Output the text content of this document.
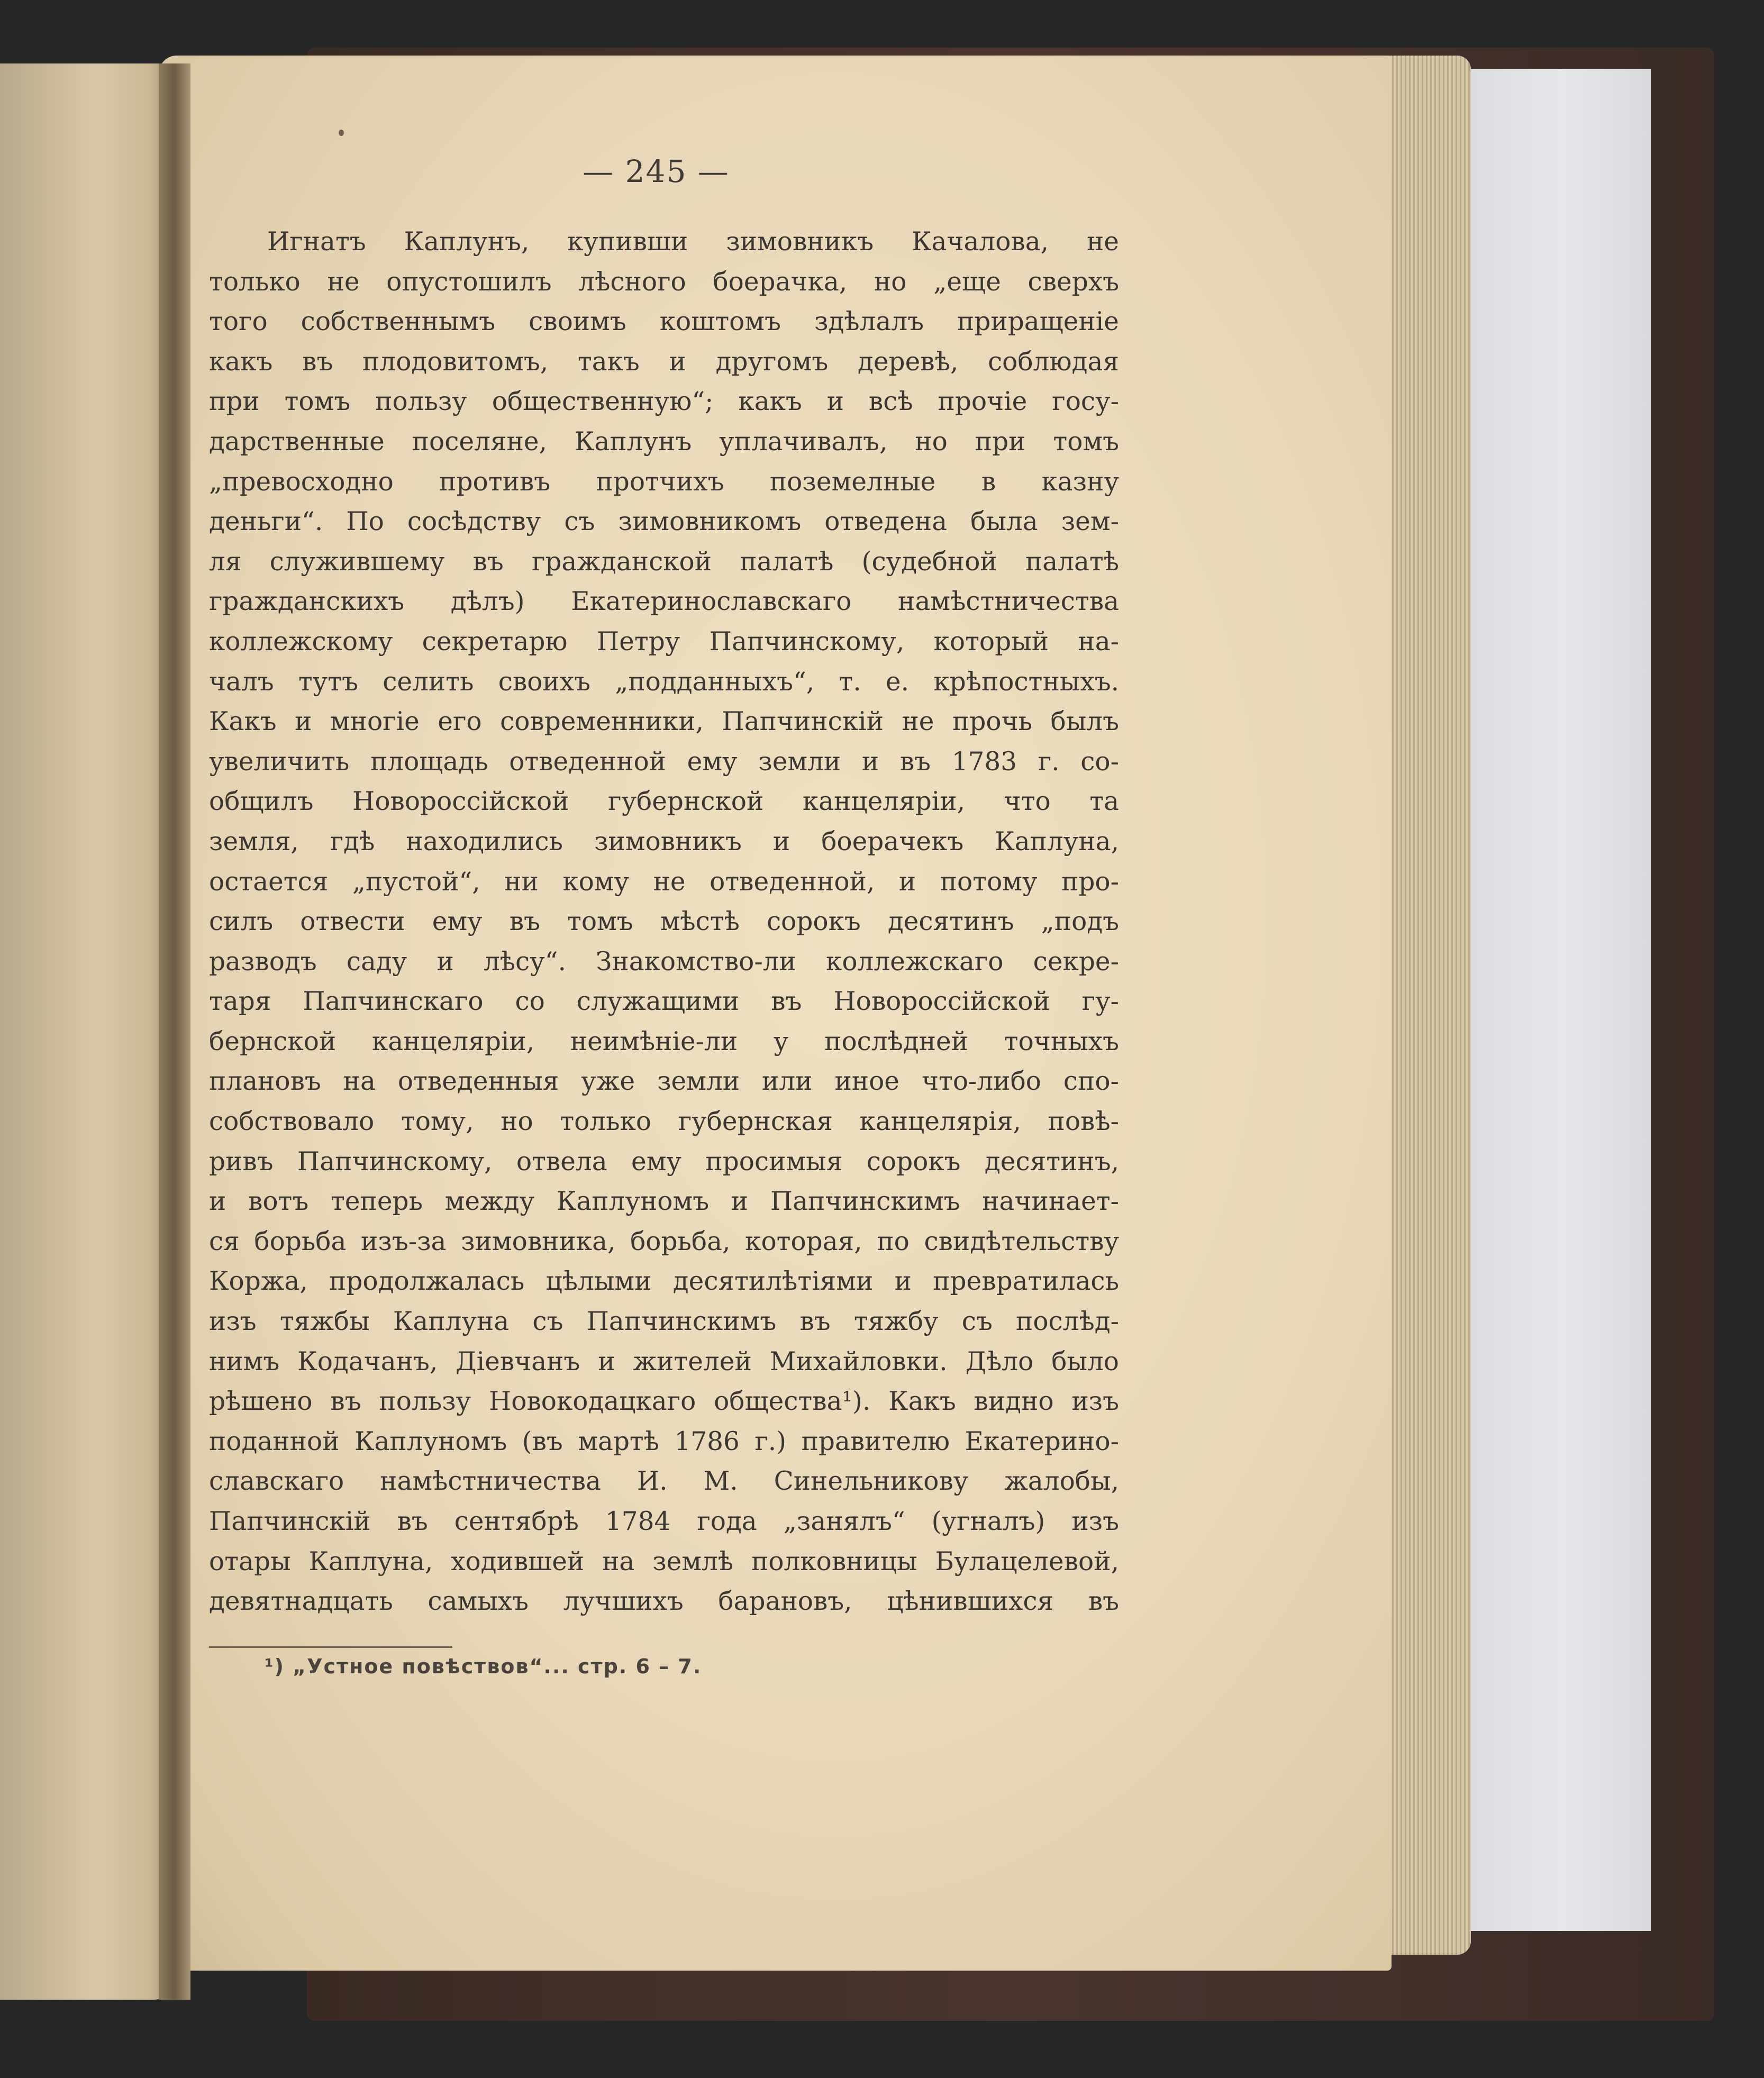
— 245 —
Игнатъ Каплунъ, купивши зимовникъ Качалова, не
только не опустошилъ лѣсного боерачка, но „еще сверхъ
того собственнымъ своимъ коштомъ здѣлалъ приращеніе
какъ въ плодовитомъ, такъ и другомъ деревѣ, соблюдая
при томъ пользу общественную“; какъ и всѣ прочіе госу-
дарственные поселяне, Каплунъ уплачивалъ, но при томъ
„превосходно противъ протчихъ поземелные в казну
деньги“. По сосѣдству съ зимовникомъ отведена была зем-
ля служившему въ гражданской палатѣ (судебной палатѣ
гражданскихъ дѣлъ) Екатеринославскаго намѣстничества
коллежскому секретарю Петру Папчинскому, который на-
чалъ тутъ селить своихъ „подданныхъ“, т. е. крѣпостныхъ.
Какъ и многіе его современники, Папчинскій не прочь былъ
увеличить площадь отведенной ему земли и въ 1783 г. со-
общилъ Новороссійской губернской канцеляріи, что та
земля, гдѣ находились зимовникъ и боерачекъ Каплуна,
остается „пустой“, ни кому не отведенной, и потому про-
силъ отвести ему въ томъ мѣстѣ сорокъ десятинъ „подъ
разводъ саду и лѣсу“. Знакомство-ли коллежскаго секре-
таря Папчинскаго со служащими въ Новороссійской гу-
бернской канцеляріи, неимѣніе-ли у послѣдней точныхъ
плановъ на отведенныя уже земли или иное что-либо спо-
собствовало тому, но только губернская канцелярія, повѣ-
ривъ Папчинскому, отвела ему просимыя сорокъ десятинъ,
и вотъ теперь между Каплуномъ и Папчинскимъ начинает-
ся борьба изъ-за зимовника, борьба, которая, по свидѣтельству
Коржа, продолжалась цѣлыми десятилѣтіями и превратилась
изъ тяжбы Каплуна съ Папчинскимъ въ тяжбу съ послѣд-
нимъ Кодачанъ, Діевчанъ и жителей Михайловки. Дѣло было
рѣшено въ пользу Новокодацкаго общества¹). Какъ видно изъ
поданной Каплуномъ (въ мартѣ 1786 г.) правителю Екатерино-
славскаго намѣстничества И. М. Синельникову жалобы,
Папчинскій въ сентябрѣ 1784 года „занялъ“ (угналъ) изъ
отары Каплуна, ходившей на землѣ полковницы Булацелевой,
девятнадцать самыхъ лучшихъ барановъ, цѣнившихся въ
¹) „Устное повѣствов“... стр. 6 – 7.
